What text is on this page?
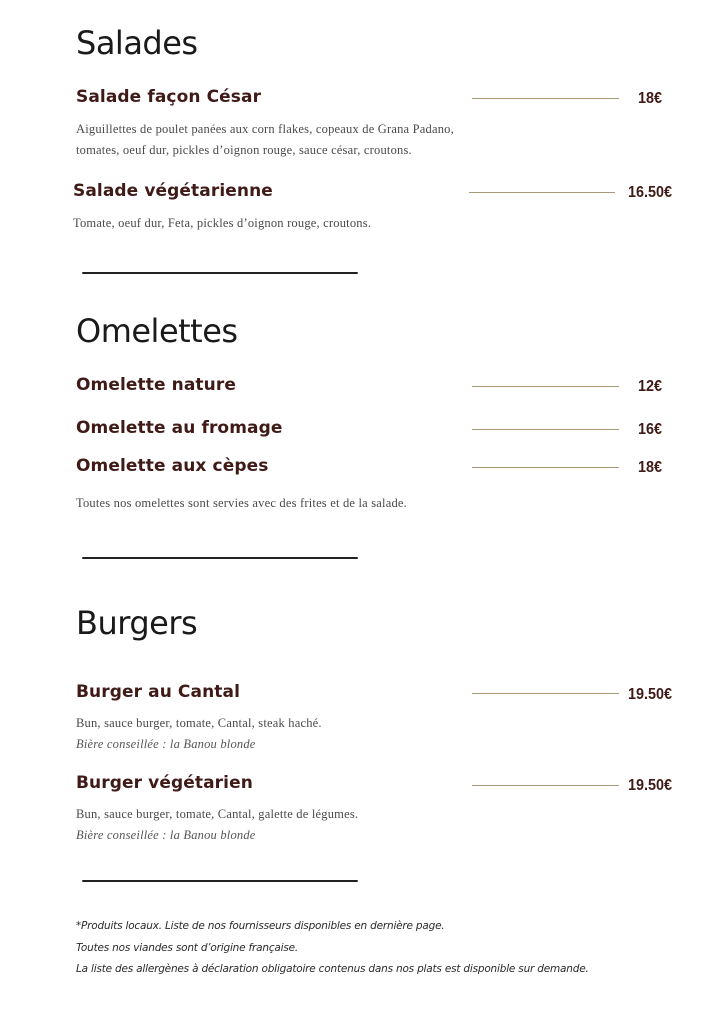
Salades
Salade façon César	18€
Aiguillettes de poulet panées aux corn flakes, copeaux de Grana Padano,
tomates, oeuf dur, pickles d’oignon rouge, sauce césar, croutons.
Salade végétarienne	16.50€
Tomate, oeuf dur, Feta, pickles d’oignon rouge, croutons.
Omelettes
Omelette nature	12€
Omelette au fromage	16€
Omelette aux cèpes	18€
Toutes nos omelettes sont servies avec des frites et de la salade.
Burgers
Burger au Cantal	19.50€
Bun, sauce burger, tomate, Cantal, steak haché.
Bière conseillée : la Banou blonde
Burger végétarien	19.50€
Bun, sauce burger, tomate, Cantal, galette de légumes.
Bière conseillée : la Banou blonde
*Produits locaux. Liste de nos fournisseurs disponibles en dernière page.
Toutes nos viandes sont d’origine française.
La liste des allergènes à déclaration obligatoire contenus dans nos plats est disponible sur demande.
